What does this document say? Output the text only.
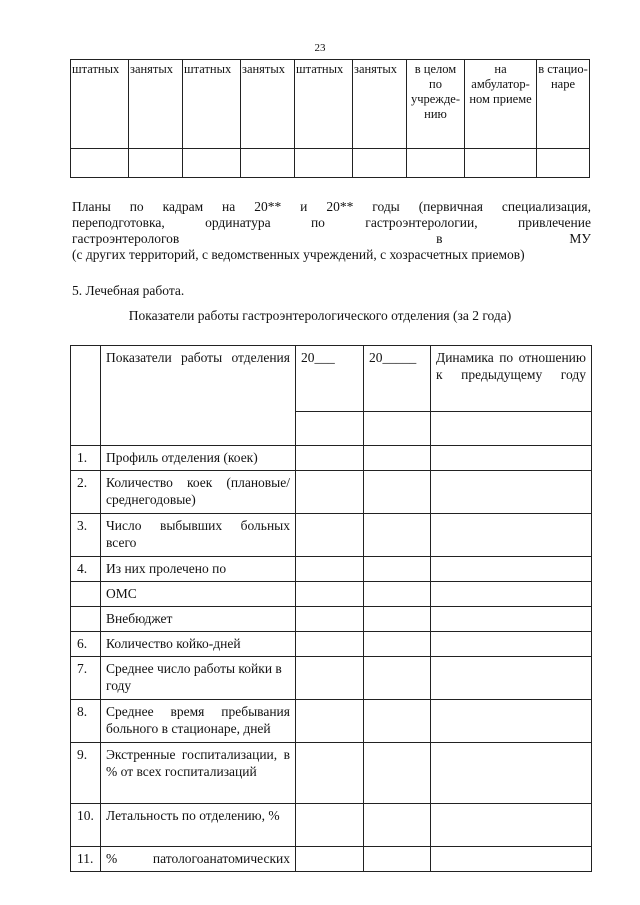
23
штатных	занятых	штатных	занятых	штатных	занятых	в целом по учрежде-нию	на амбулатор-ном приеме	в стацио-наре

Планы по кадрам на 20** и 20** годы (первичная специализация,
переподготовка, ординатура по гастроэнтерологии, привлечение
гастроэнтерологов	в	МУ
(с других территорий, с ведомственных учреждений, с хозрасчетных приемов)
5. Лечебная работа.
Показатели работы гастроэнтерологического отделения (за 2 года)
	Показатели работы отделения	20___	20_____	Динамика по отношению к предыдущему году

1.	Профиль отделения (коек)			
2.	Количество коек (плановые/среднегодовые)			
3.	Число выбывших больных всего			
4.	Из них пролечено по			
	ОМС			
	Внебюджет			
6.	Количество койко-дней			
7.	Среднее число работы койки в году			
8.	Среднее время пребывания больного в стационаре, дней			
9.	Экстренные госпитализации, в % от всех госпитализаций			
10.	Летальность по отделению, %			
11.	% патологоанатомических			
